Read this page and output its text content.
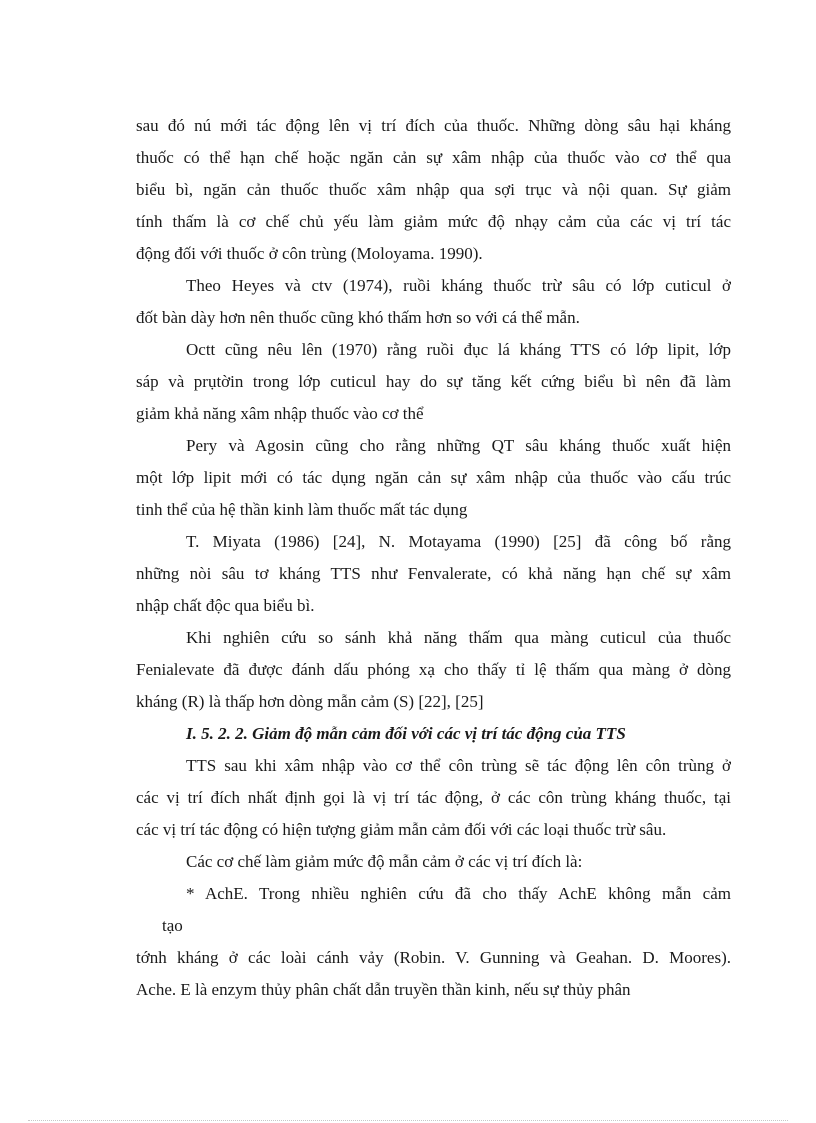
sau đó nú mới tác động lên vị trí đích của thuốc. Những dòng sâu hại kháng
thuốc có thể hạn chế hoặc ngăn cản sự xâm nhập của thuốc vào cơ thể qua
biểu bì, ngăn cản thuốc thuốc xâm nhập qua sợi trục và nội quan. Sự giảm
tính thấm là cơ chế chủ yếu làm giảm mức độ nhạy cảm của các vị trí tác
động đối với thuốc ở côn trùng (Moloyama. 1990).
Theo Heyes và ctv (1974), ruồi kháng thuốc trừ sâu có lớp cuticul ở
đốt bàn dày hơn nên thuốc cũng khó thấm hơn so với cá thể mẫn.
Octt cũng nêu lên (1970) rằng ruồi đục lá kháng TTS có lớp lipit, lớp
sáp và prụtờin trong lớp cuticul hay do sự tăng kết cứng biểu bì nên đã làm
giảm khả năng xâm nhập thuốc vào cơ thể
Pery và Agosin cũng cho rằng những QT sâu kháng thuốc xuất hiện
một lớp lipit mới có tác dụng ngăn cản sự xâm nhập của thuốc vào cấu trúc
tinh thể của hệ thần kinh làm thuốc mất tác dụng
T. Miyata (1986) [24], N. Motayama (1990) [25] đã công bố rằng
những nòi sâu tơ kháng TTS như Fenvalerate, có khả năng hạn chế sự xâm
nhập chất độc qua biểu bì.
Khi nghiên cứu so sánh khả năng thấm qua màng cuticul của thuốc
Fenialevate đã được đánh dấu phóng xạ cho thấy tỉ lệ thấm qua màng ở dòng
kháng (R) là thấp hơn dòng mẫn cảm (S) [22], [25]
I. 5. 2. 2. Giảm độ mẫn cảm đối với các vị trí tác động của TTS
TTS sau khi xâm nhập vào cơ thể côn trùng sẽ tác động lên côn trùng ở
các vị trí đích nhất định gọi là vị trí tác động, ở các côn trùng kháng thuốc, tại
các vị trí tác động có hiện tượng giảm mẫn cảm đối với các loại thuốc trừ sâu.
Các cơ chế làm giảm mức độ mẫn cảm ở các vị trí đích là:
* AchE. Trong nhiều nghiên cứu đã cho thấy AchE không mẫn cảm
tạo
tớnh kháng ở các loài cánh vảy (Robin. V. Gunning và Geahan. D. Moores).
Ache. E là enzym thủy phân chất dẫn truyền thần kinh, nếu sự thủy phân
